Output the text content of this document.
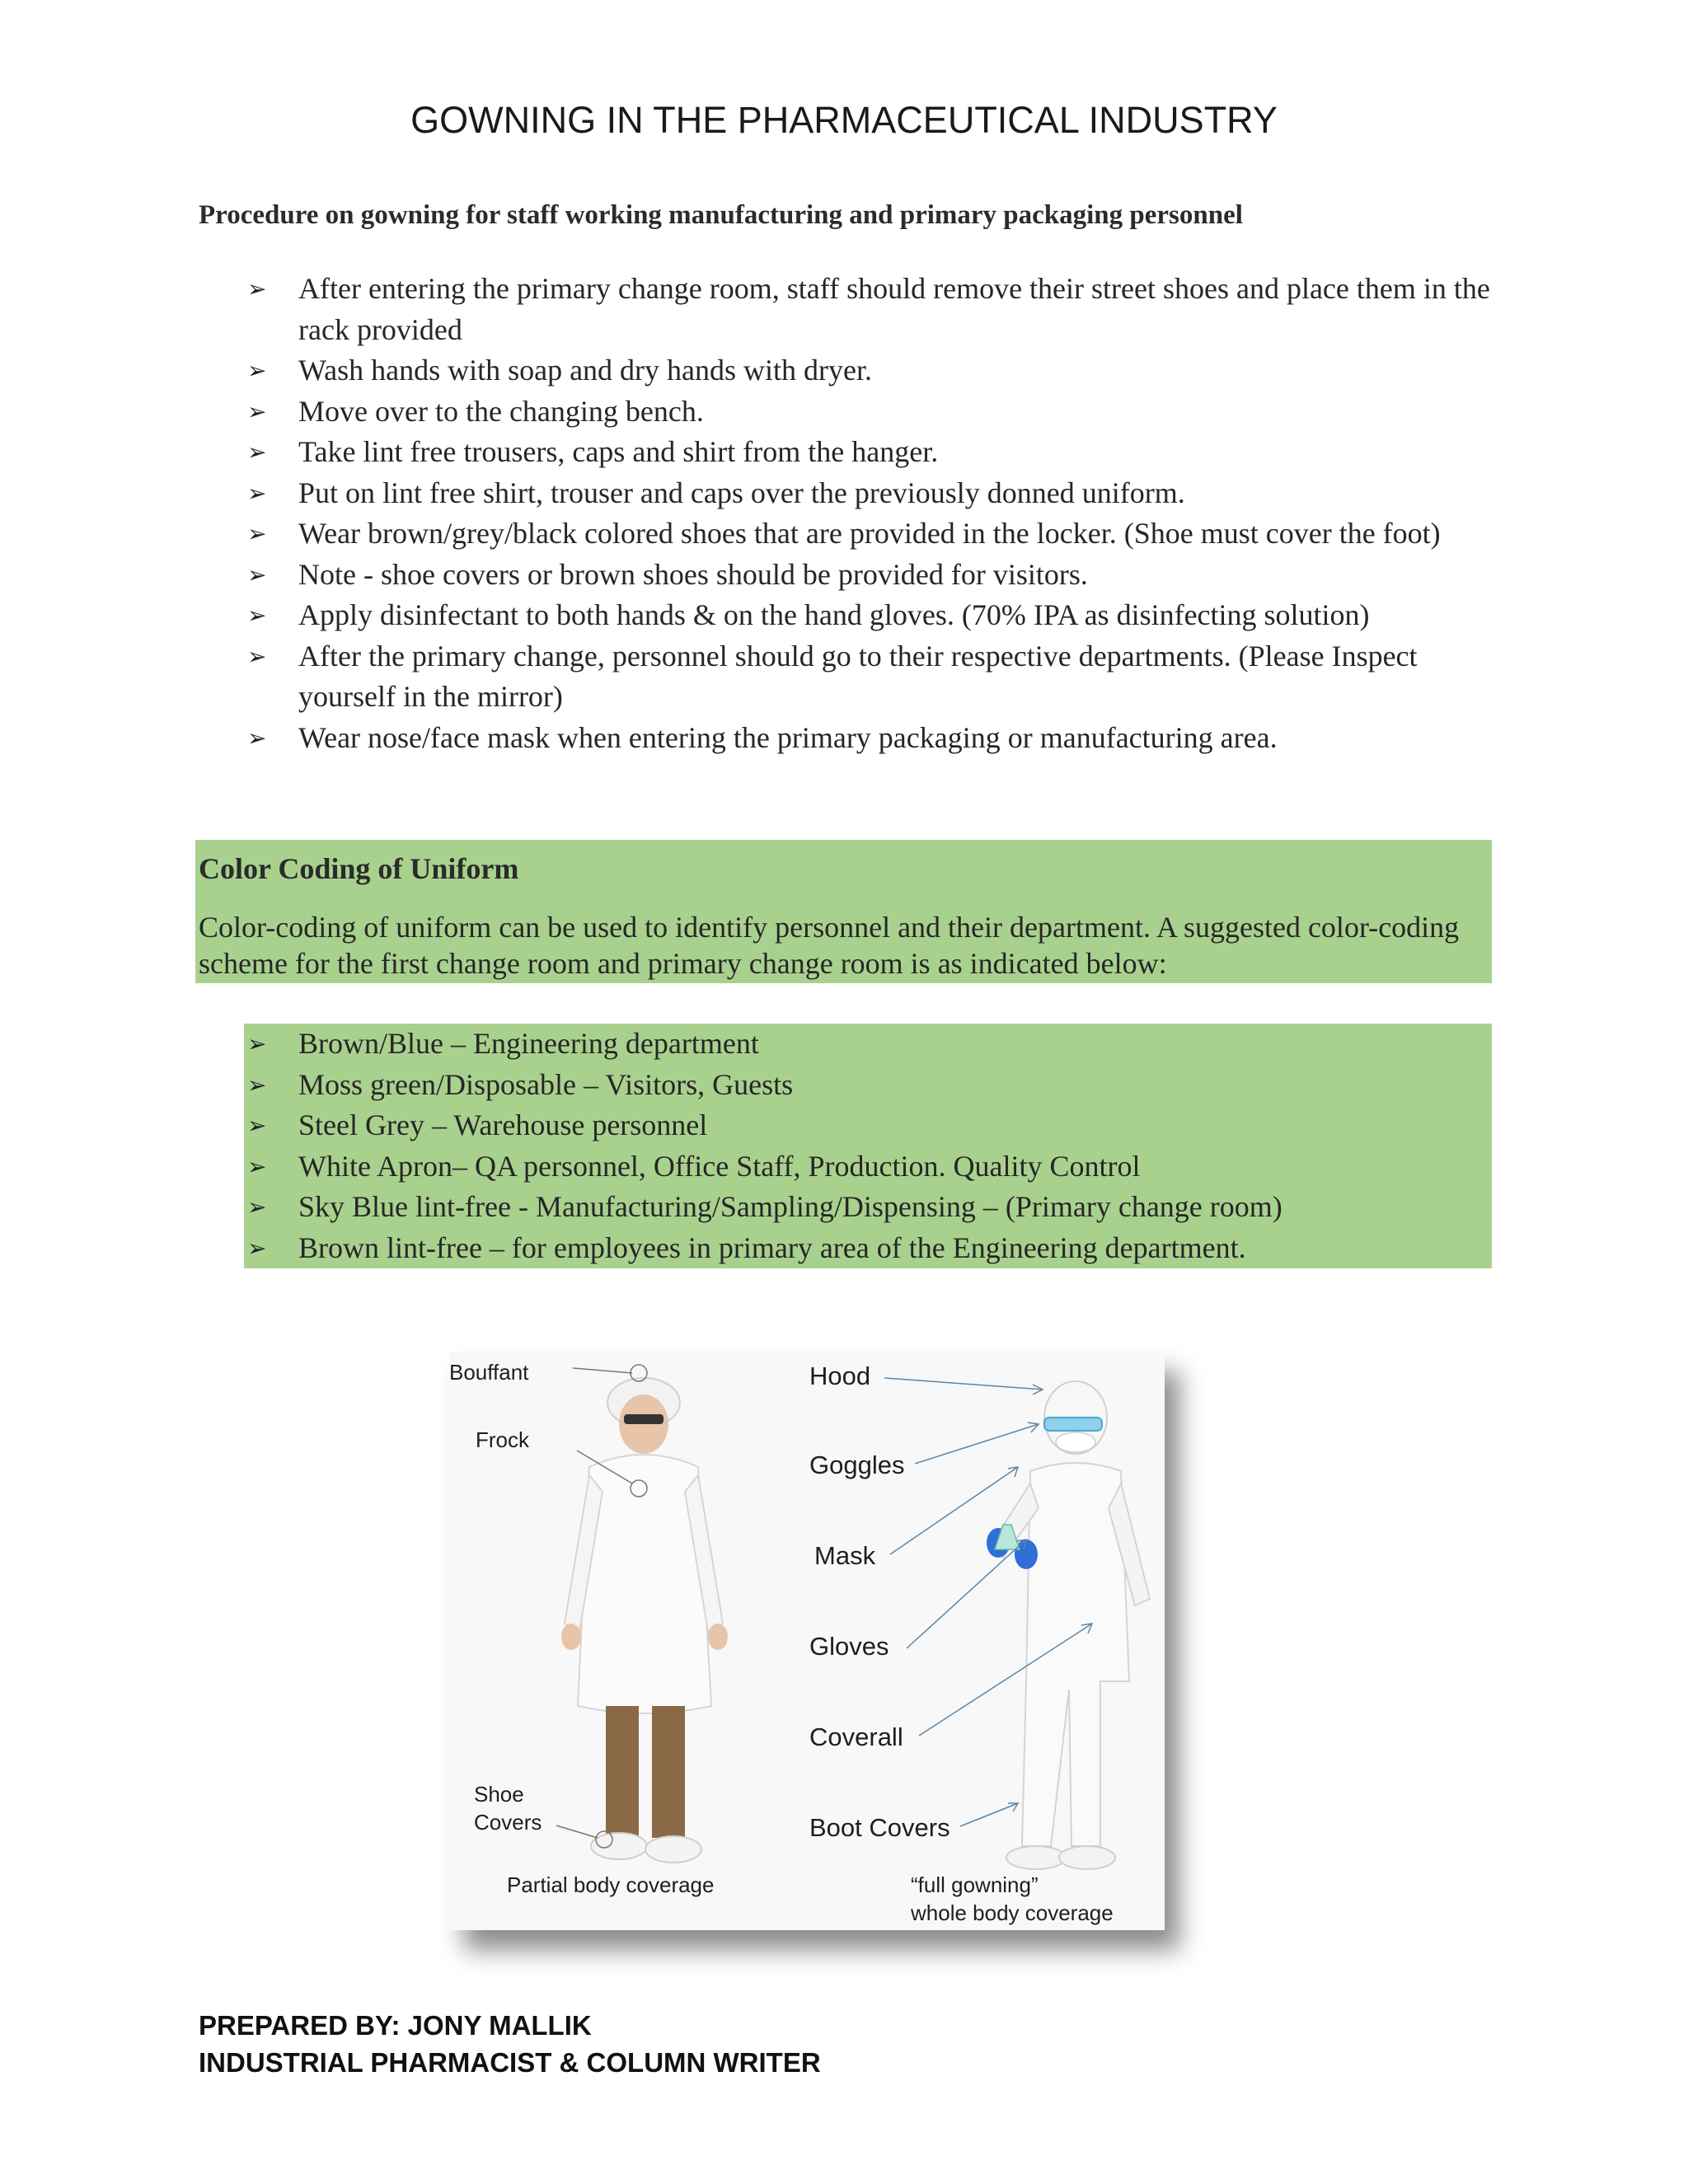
GOWNING IN THE PHARMACEUTICAL INDUSTRY
Procedure on gowning for staff working manufacturing and primary packaging personnel
➢ After entering the primary change room, staff should remove their street shoes and place them in the rack provided
➢ Wash hands with soap and dry hands with dryer.
➢ Move over to the changing bench.
➢ Take lint free trousers, caps and shirt from the hanger.
➢ Put on lint free shirt, trouser and caps over the previously donned uniform.
➢ Wear brown/grey/black colored shoes that are provided in the locker. (Shoe must cover the foot)
➢ Note - shoe covers or brown shoes should be provided for visitors.
➢ Apply disinfectant to both hands & on the hand gloves. (70% IPA as disinfecting solution)
➢ After the primary change, personnel should go to their respective departments. (Please Inspect yourself in the mirror)
➢ Wear nose/face mask when entering the primary packaging or manufacturing area.
Color Coding of Uniform
Color-coding of uniform can be used to identify personnel and their department. A suggested color-coding scheme for the first change room and primary change room is as indicated below:
➢ Brown/Blue – Engineering department
➢ Moss green/Disposable – Visitors, Guests
➢ Steel Grey – Warehouse personnel
➢ White Apron– QA personnel, Office Staff, Production. Quality Control
➢ Sky Blue lint-free - Manufacturing/Sampling/Dispensing – (Primary change room)
➢ Brown lint-free – for employees in primary area of the Engineering department.
Bouffant
Frock
Shoe
Covers
Partial body coverage
Hood
Goggles
Mask
Gloves
Coverall
Boot Covers
“full gowning”
whole body coverage
PREPARED BY: JONY MALLIK
INDUSTRIAL PHARMACIST & COLUMN WRITER
